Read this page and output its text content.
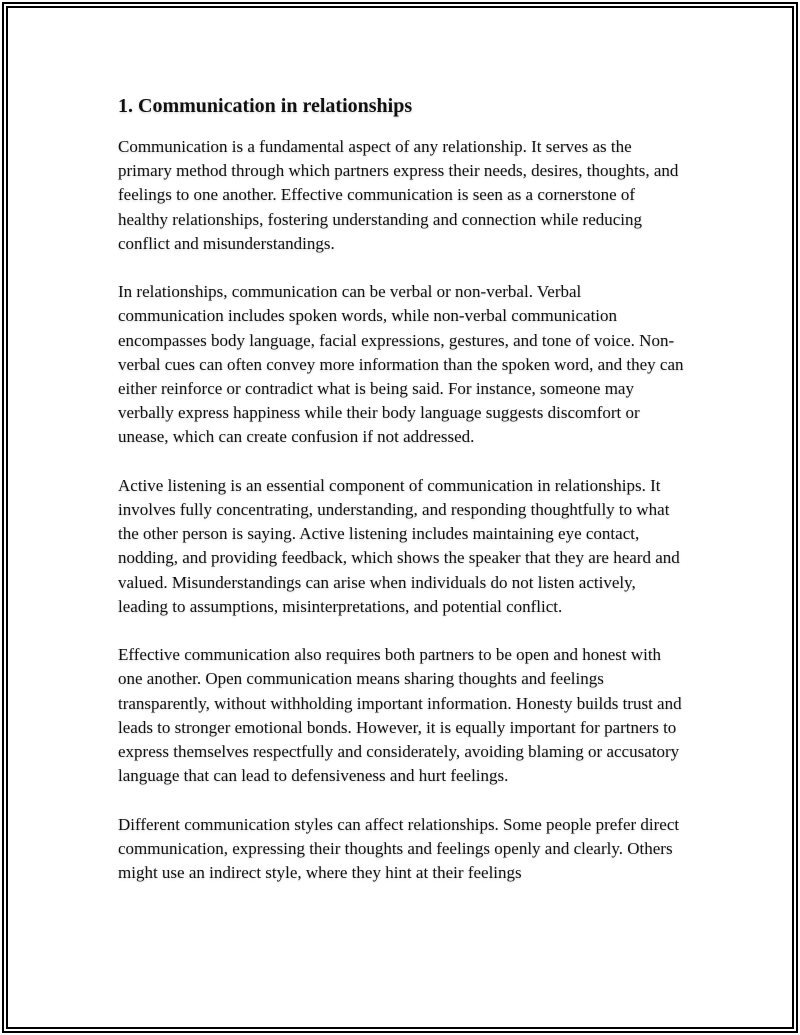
1. Communication in relationships

Communication is a fundamental aspect of any relationship. It serves as the primary method through which partners express their needs, desires, thoughts, and feelings to one another. Effective communication is seen as a cornerstone of healthy relationships, fostering understanding and connection while reducing conflict and misunderstandings.

In relationships, communication can be verbal or non-verbal. Verbal communication includes spoken words, while non-verbal communication encompasses body language, facial expressions, gestures, and tone of voice. Non-verbal cues can often convey more information than the spoken word, and they can either reinforce or contradict what is being said. For instance, someone may verbally express happiness while their body language suggests discomfort or unease, which can create confusion if not addressed.

Active listening is an essential component of communication in relationships. It involves fully concentrating, understanding, and responding thoughtfully to what the other person is saying. Active listening includes maintaining eye contact, nodding, and providing feedback, which shows the speaker that they are heard and valued. Misunderstandings can arise when individuals do not listen actively, leading to assumptions, misinterpretations, and potential conflict.

Effective communication also requires both partners to be open and honest with one another. Open communication means sharing thoughts and feelings transparently, without withholding important information. Honesty builds trust and leads to stronger emotional bonds. However, it is equally important for partners to express themselves respectfully and considerately, avoiding blaming or accusatory language that can lead to defensiveness and hurt feelings.

Different communication styles can affect relationships. Some people prefer direct communication, expressing their thoughts and feelings openly and clearly. Others might use an indirect style, where they hint at their feelings
